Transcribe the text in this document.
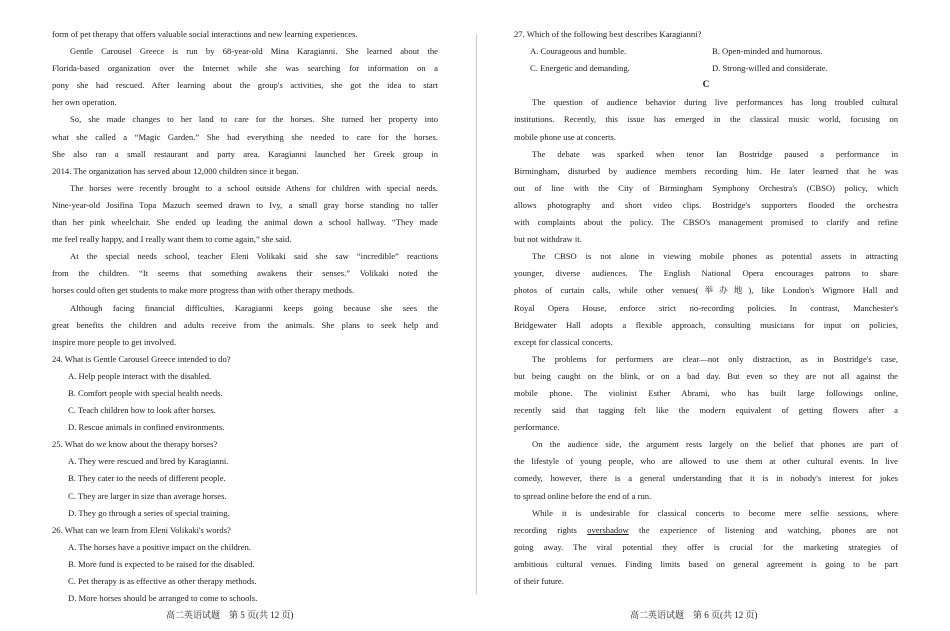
form of pet therapy that offers valuable social interactions and new learning experiences.
Gentle Carousel Greece is run by 68-year-old Mina Karagianni. She learned about the
Florida-based organization over the Internet while she was searching for information on a
pony she had rescued. After learning about the group's activities, she got the idea to start
her own operation.
So, she made changes to her land to care for the horses. She turned her property into
what she called a “Magic Garden.” She had everything she needed to care for the horses.
She also ran a small restaurant and party area. Karagianni launched her Greek group in
2014. The organization has served about 12,000 children since it began.
The horses were recently brought to a school outside Athens for children with special needs.
Nine-year-old Josifina Topa Mazuch seemed drawn to Ivy, a small gray horse standing no taller
than her pink wheelchair. She ended up leading the animal down a school hallway. “They made
me feel really happy, and I really want them to come again,” she said.
At the special needs school, teacher Eleni Volikaki said she saw “incredible” reactions
from the children. “It seems that something awakens their senses.” Volikaki noted the
horses could often get students to make more progress than with other therapy methods.
Although facing financial difficulties, Karagianni keeps going because she sees the
great benefits the children and adults receive from the animals. She plans to seek help and
inspire more people to get involved.
24. What is Gentle Carousel Greece intended to do?
A. Help people interact with the disabled.
B. Comfort people with special health needs.
C. Teach children how to look after horses.
D. Rescue animals in confined environments.
25. What do we know about the therapy horses?
A. They were rescued and bred by Karagianni.
B. They cater to the needs of different people.
C. They are larger in size than average horses.
D. They go through a series of special training.
26. What can we learn from Eleni Volikaki's words?
A. The horses have a positive impact on the children.
B. More fund is expected to be raised for the disabled.
C. Pet therapy is as effective as other therapy methods.
D. More horses should be arranged to come to schools.
27. Which of the following best describes Karagianni?
A. Courageous and humble.	B. Open-minded and humorous.
C. Energetic and demanding.	D. Strong-willed and considerate.
C
The question of audience behavior during live performances has long troubled cultural
institutions. Recently, this issue has emerged in the classical music world, focusing on
mobile phone use at concerts.
The debate was sparked when tenor Ian Bostridge paused a performance in
Birmingham, disturbed by audience members recording him. He later learned that he was
out of line with the City of Birmingham Symphony Orchestra's (CBSO) policy, which
allows photography and short video clips. Bostridge's supporters flooded the orchestra
with complaints about the policy. The CBSO's management promised to clarify and refine
but not withdraw it.
The CBSO is not alone in viewing mobile phones as potential assets in attracting
younger, diverse audiences. The English National Opera encourages patrons to share
photos of curtain calls, while other venues(举办地), like London's Wigmore Hall and
Royal Opera House, enforce strict no-recording policies. In contrast, Manchester's
Bridgewater Hall adopts a flexible approach, consulting musicians for input on policies,
except for classical concerts.
The problems for performers are clear—not only distraction, as in Bostridge's case,
but being caught on the blink, or on a bad day. But even so they are not all against the
mobile phone. The violinist Esther Abrami, who has built large followings online,
recently said that tagging felt like the modern equivalent of getting flowers after a
performance.
On the audience side, the argument rests largely on the belief that phones are part of
the lifestyle of young people, who are allowed to use them at other cultural events. In live
comedy, however, there is a general understanding that it is in nobody's interest for jokes
to spread online before the end of a run.
While it is undesirable for classical concerts to become mere selfie sessions, where
recording rights overshadow the experience of listening and watching, phones are not
going away. The viral potential they offer is crucial for the marketing strategies of
ambitious cultural venues. Finding limits based on general agreement is going to be part
of their future.
高二英语试题　第 5 页(共 12 页)	高二英语试题　第 6 页(共 12 页)
